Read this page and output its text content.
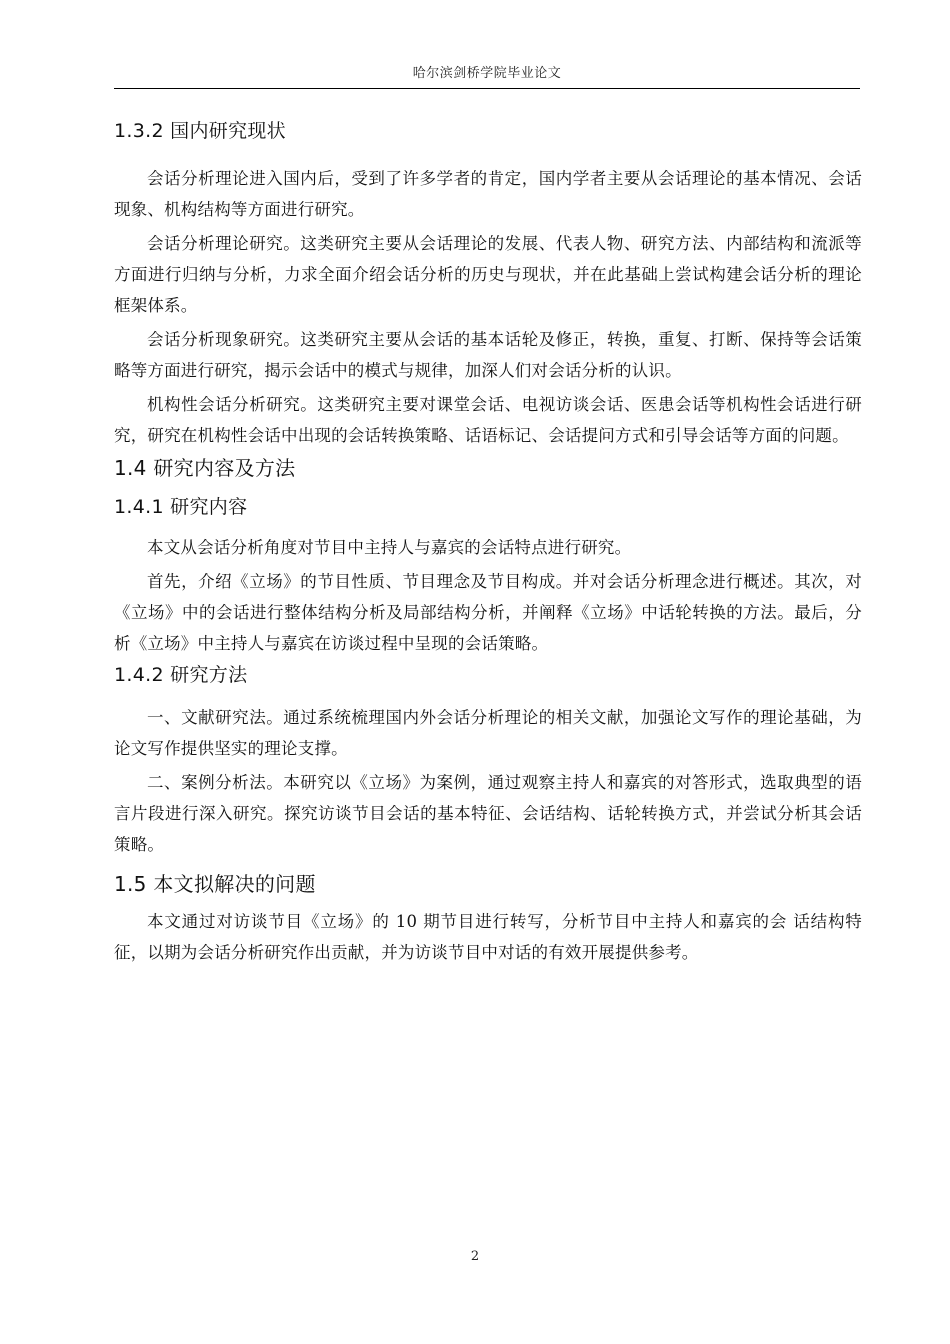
哈尔滨剑桥学院毕业论文
1.3.2 国内研究现状

会话分析理论进入国内后，受到了许多学者的肯定，国内学者主要从会话理论的基本情况、会话现象、机构结构等方面进行研究。

会话分析理论研究。这类研究主要从会话理论的发展、代表人物、研究方法、内部结构和流派等方面进行归纳与分析，力求全面介绍会话分析的历史与现状，并在此基础上尝试构建会话分析的理论框架体系。

会话分析现象研究。这类研究主要从会话的基本话轮及修正，转换，重复、打断、保持等会话策略等方面进行研究，揭示会话中的模式与规律，加深人们对会话分析的认识。

机构性会话分析研究。这类研究主要对课堂会话、电视访谈会话、医患会话等机构性会话进行研究，研究在机构性会话中出现的会话转换策略、话语标记、会话提问方式和引导会话等方面的问题。

1.4 研究内容及方法
1.4.1 研究内容

本文从会话分析角度对节目中主持人与嘉宾的会话特点进行研究。

首先，介绍《立场》的节目性质、节目理念及节目构成。并对会话分析理念进行概述。其次，对《立场》中的会话进行整体结构分析及局部结构分析，并阐释《立场》中话轮转换的方法。最后，分析《立场》中主持人与嘉宾在访谈过程中呈现的会话策略。

1.4.2 研究方法

一、文献研究法。通过系统梳理国内外会话分析理论的相关文献，加强论文写作的理论基础，为论文写作提供坚实的理论支撑。

二、案例分析法。本研究以《立场》为案例，通过观察主持人和嘉宾的对答形式，选取典型的语言片段进行深入研究。探究访谈节目会话的基本特征、会话结构、话轮转换方式，并尝试分析其会话策略。

1.5 本文拟解决的问题

本文通过对访谈节目《立场》的 10 期节目进行转写，分析节目中主持人和嘉宾的会 话结构特征，以期为会话分析研究作出贡献，并为访谈节目中对话的有效开展提供参考。

2
